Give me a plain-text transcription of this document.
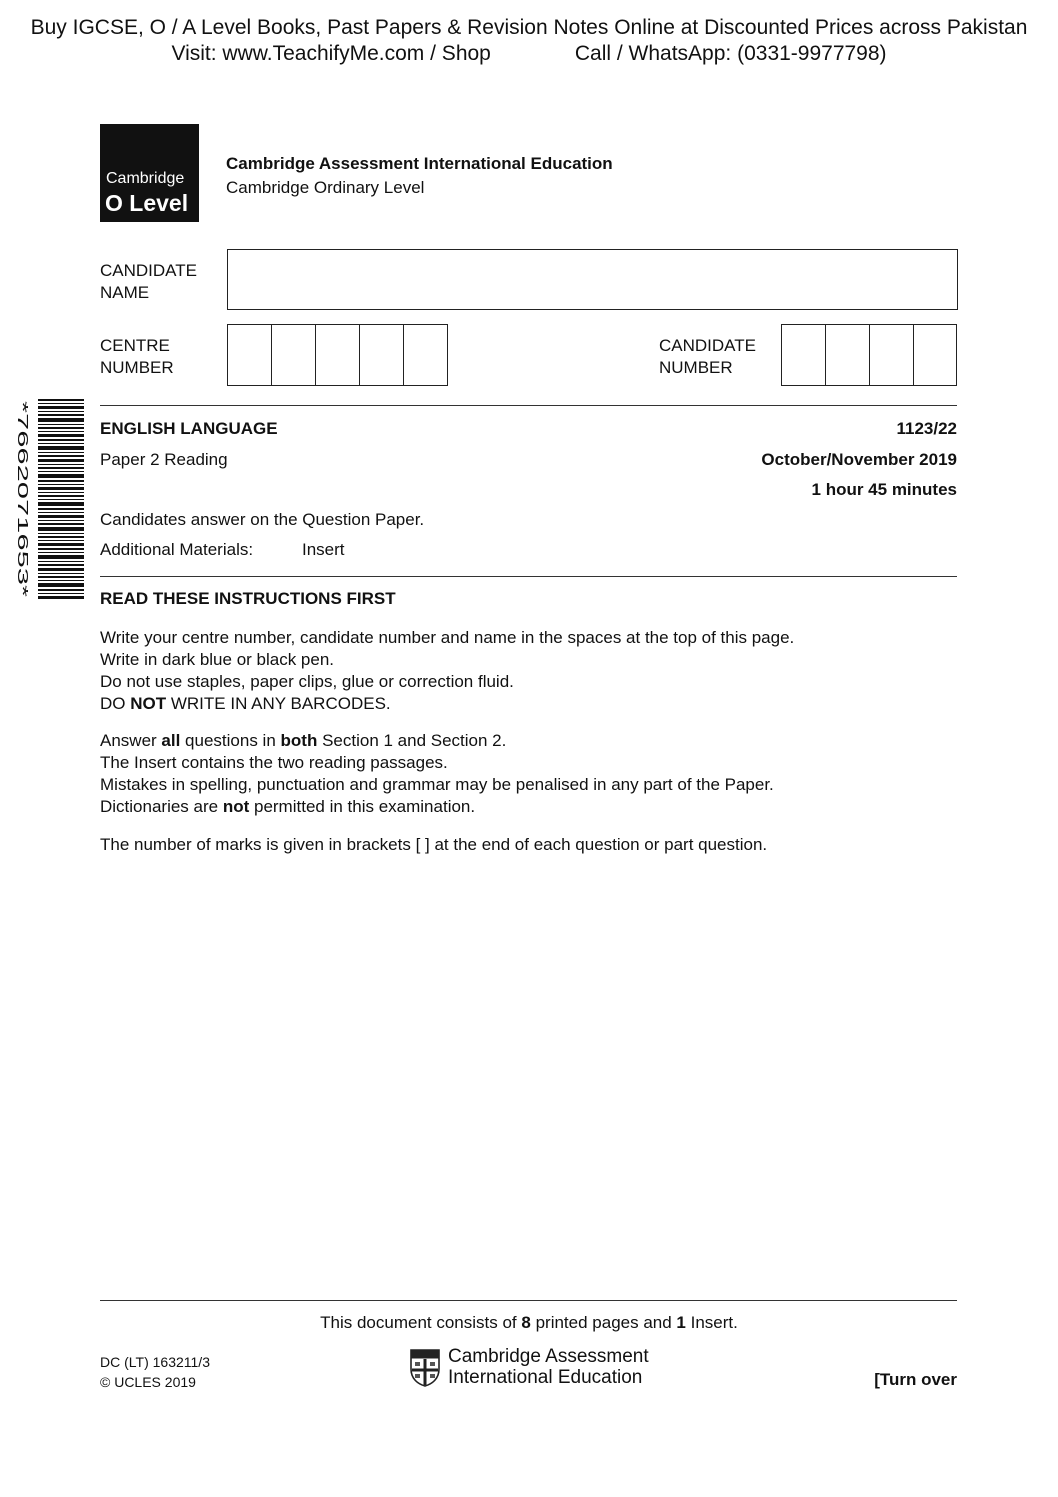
Buy IGCSE, O / A Level Books, Past Papers & Revision Notes Online at Discounted Prices across Pakistan
Visit: www.TeachifyMe.com / Shop	Call / WhatsApp: (0331-9977798)
Cambridge
O Level
Cambridge Assessment International Education
Cambridge Ordinary Level
CANDIDATE
NAME
CENTRE
NUMBER
CANDIDATE
NUMBER
*7662071653*	ENGLISH LANGUAGE	1123/22
Paper 2 Reading	October/November 2019
1 hour 45 minutes
Candidates answer on the Question Paper.
Additional Materials:	Insert
READ THESE INSTRUCTIONS FIRST
Write your centre number, candidate number and name in the spaces at the top of this page.
Write in dark blue or black pen.
Do not use staples, paper clips, glue or correction fluid.
DO NOT WRITE IN ANY BARCODES.
Answer all questions in both Section 1 and Section 2.
The Insert contains the two reading passages.
Mistakes in spelling, punctuation and grammar may be penalised in any part of the Paper.
Dictionaries are not permitted in this examination.
The number of marks is given in brackets [ ] at the end of each question or part question.
This document consists of 8 printed pages and 1 Insert.
DC (LT) 163211/3
© UCLES 2019
Cambridge Assessment
International Education	[Turn over
